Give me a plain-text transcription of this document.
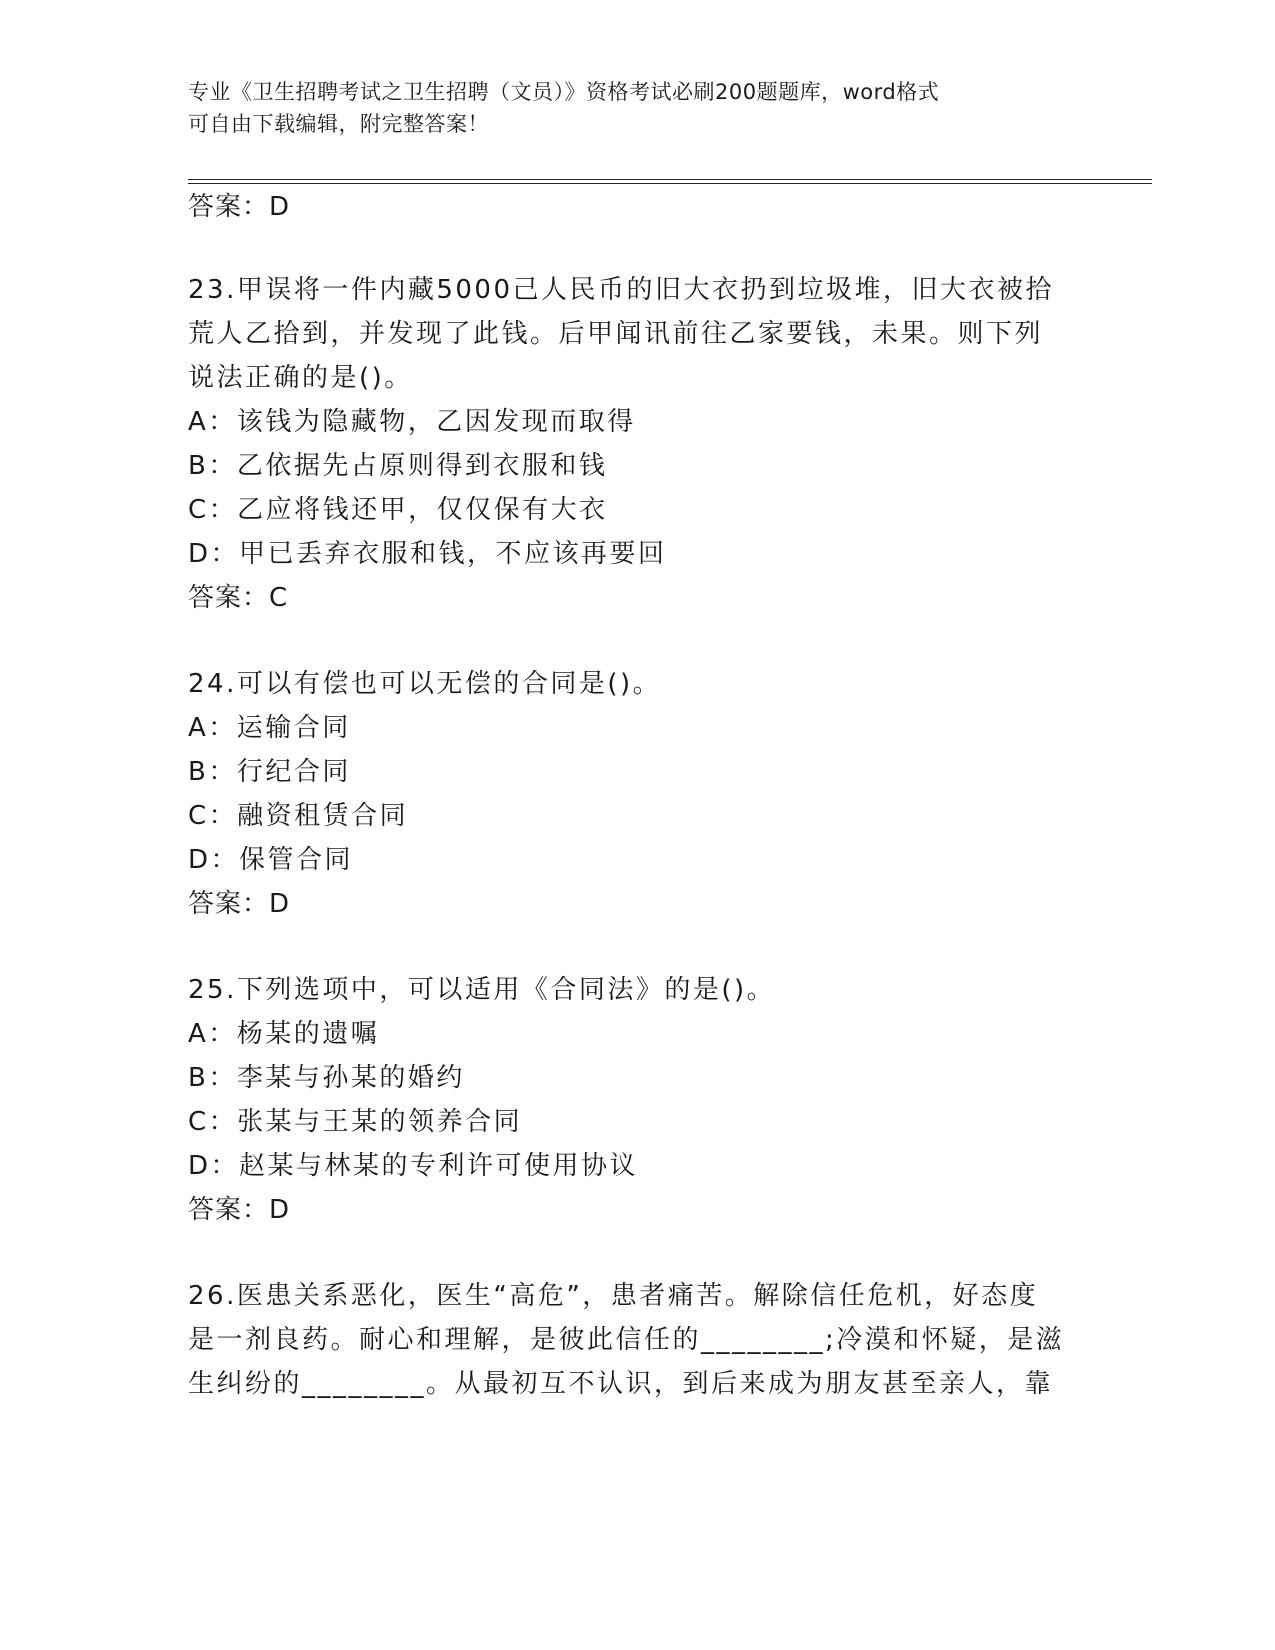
专业《卫生招聘考试之卫生招聘（文员）》资格考试必刷200题题库，word格式
可自由下载编辑，附完整答案！
答案：D
23.甲误将一件内藏5000己人民币的旧大衣扔到垃圾堆，旧大衣被拾
荒人乙拾到，并发现了此钱。后甲闻讯前往乙家要钱，未果。则下列
说法正确的是()。
A：该钱为隐藏物，乙因发现而取得
B：乙依据先占原则得到衣服和钱
C：乙应将钱还甲，仅仅保有大衣
D：甲已丢弃衣服和钱，不应该再要回
答案：C
24.可以有偿也可以无偿的合同是()。
A：运输合同
B：行纪合同
C：融资租赁合同
D：保管合同
答案：D
25.下列选项中，可以适用《合同法》的是()。
A：杨某的遗嘱
B：李某与孙某的婚约
C：张某与王某的领养合同
D：赵某与林某的专利许可使用协议
答案：D
26.医患关系恶化，医生“高危”，患者痛苦。解除信任危机，好态度
是一剂良药。耐心和理解，是彼此信任的________;冷漠和怀疑，是滋
生纠纷的________。从最初互不认识，到后来成为朋友甚至亲人，靠
